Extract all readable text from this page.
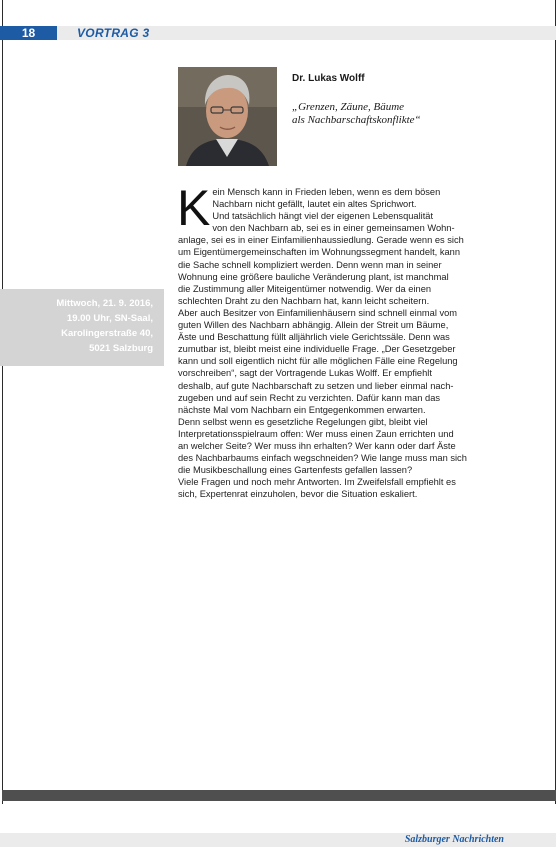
18	VORTRAG 3
Dr. Lukas Wolff
„Grenzen, Zäune, Bäume
als Nachbarschaftskonflikte“
Mittwoch, 21. 9. 2016,
19.00 Uhr, SN-Saal,
Karolingerstraße 40,
5021 Salzburg
K ein Mensch kann in Frieden leben, wenn es dem bösen

Nachbarn nicht gefällt, lautet ein altes Sprichwort.

Und tatsächlich hängt viel der eigenen Lebensqualität

von den Nachbarn ab, sei es in einer gemeinsamen Wohn-

anlage, sei es in einer Einfamilienhaussiedlung. Gerade wenn es sich

um Eigentümergemeinschaften im Wohnungssegment handelt, kann

die Sache schnell kompliziert werden. Denn wenn man in seiner

Wohnung eine größere bauliche Veränderung plant, ist manchmal

die Zustimmung aller Miteigentümer notwendig. Wer da einen

schlechten Draht zu den Nachbarn hat, kann leicht scheitern.

Aber auch Besitzer von Einfamilienhäusern sind schnell einmal vom

guten Willen des Nachbarn abhängig. Allein der Streit um Bäume,

Äste und Beschattung füllt alljährlich viele Gerichtssäle. Denn was

zumutbar ist, bleibt meist eine individuelle Frage. „Der Gesetzgeber

kann und soll eigentlich nicht für alle möglichen Fälle eine Regelung

vorschreiben“, sagt der Vortragende Lukas Wolff. Er empfiehlt

deshalb, auf gute Nachbarschaft zu setzen und lieber einmal nach-

zugeben und auf sein Recht zu verzichten. Dafür kann man das

nächste Mal vom Nachbarn ein Entgegenkommen erwarten.

Denn selbst wenn es gesetzliche Regelungen gibt, bleibt viel

Interpretationsspielraum offen: Wer muss einen Zaun errichten und

an welcher Seite? Wer muss ihn erhalten? Wer kann oder darf Äste

des Nachbarbaums einfach wegschneiden? Wie lange muss man sich

die Musikbeschallung eines Gartenfests gefallen lassen?

Viele Fragen und noch mehr Antworten. Im Zweifelsfall empfiehlt es

sich, Expertenrat einzuholen, bevor die Situation eskaliert.

Salzburger Nachrichten
